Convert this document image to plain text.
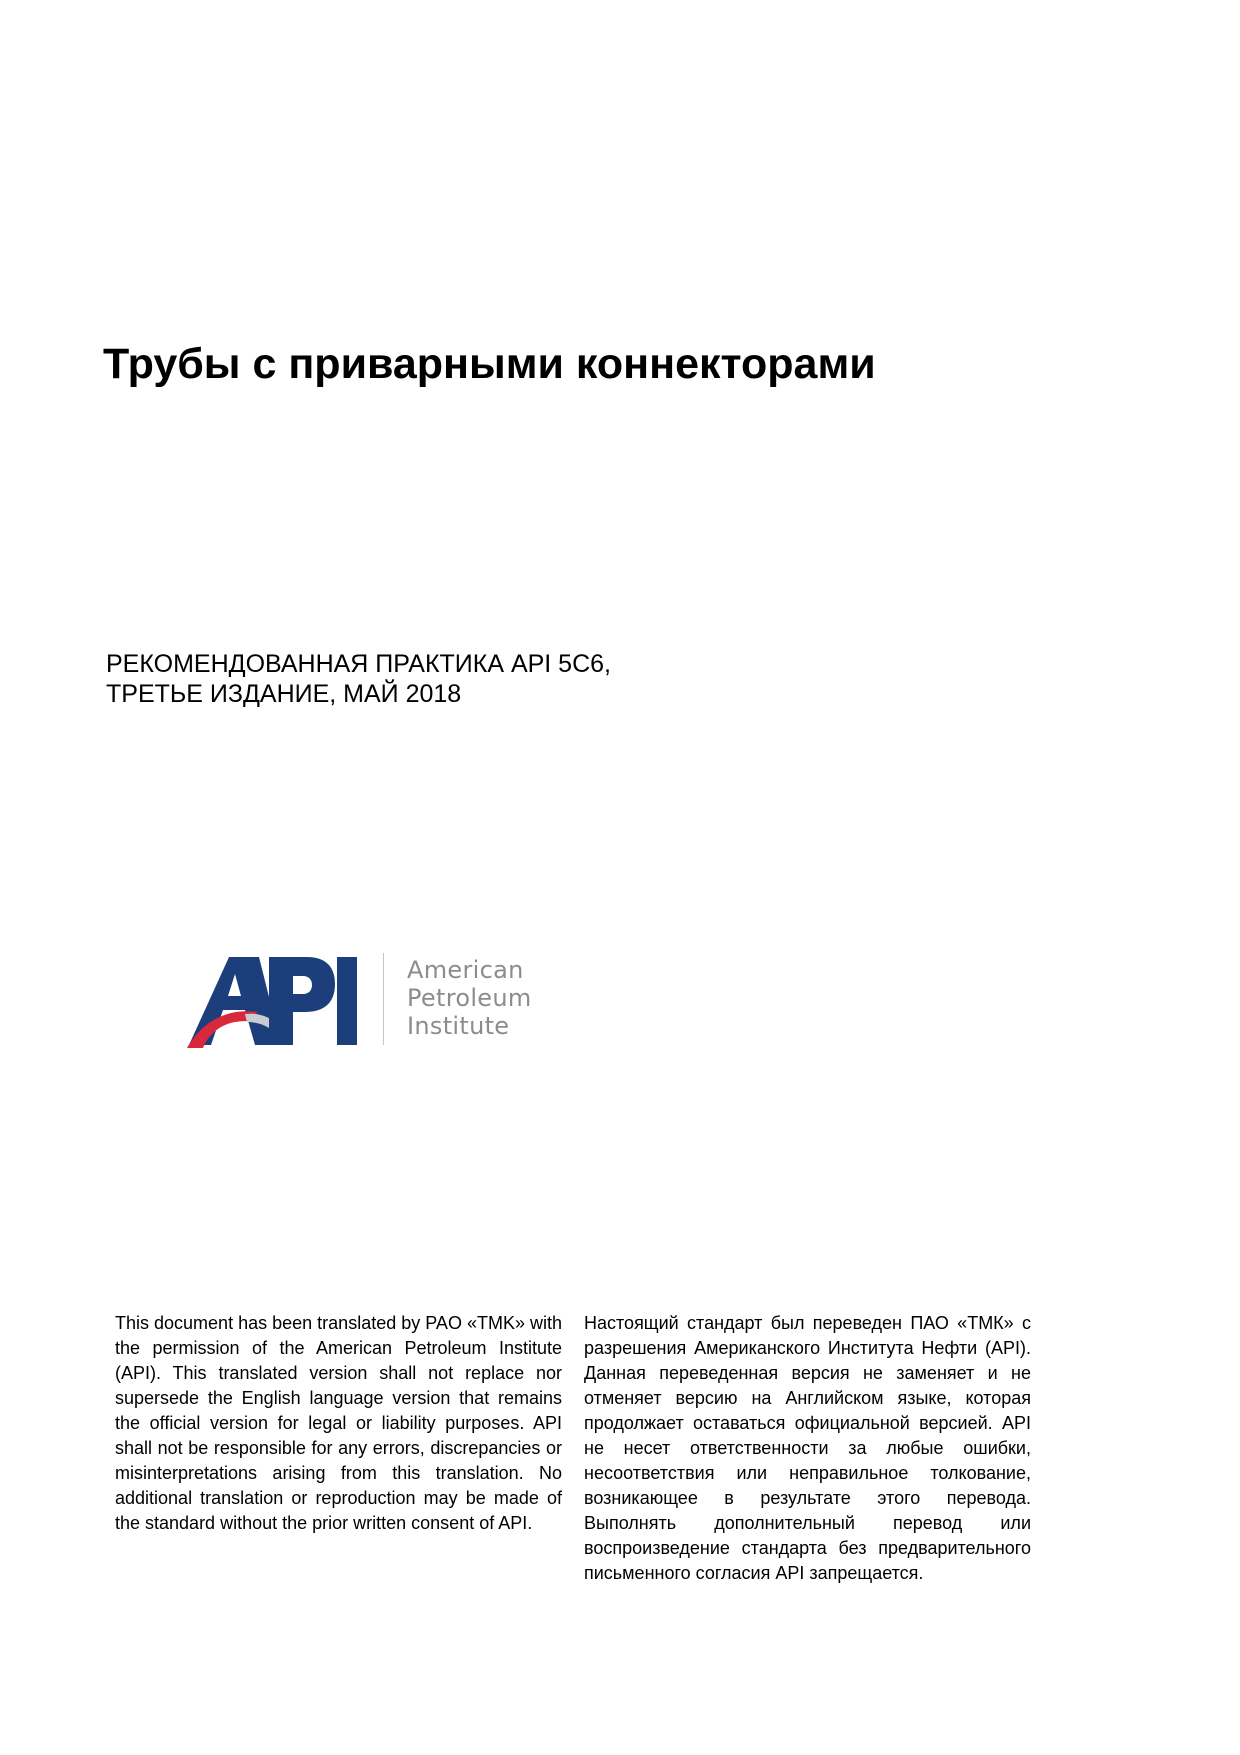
Трубы с приварными коннекторами
РЕКОМЕНДОВАННАЯ ПРАКТИКА API 5C6,
ТРЕТЬЕ ИЗДАНИЕ, МАЙ 2018
American
Petroleum
Institute

This document has been translated by PAO «TMK» with the permission of the American Petroleum Institute (API). This translated version shall not replace nor supersede the English language version that remains the official version for legal or liability purposes. API shall not be responsible for any errors, discrepancies or misinterpretations arising from this translation. No additional translation or reproduction may be made of the standard without the prior written consent of API.

Настоящий стандарт был переведен ПАО «ТМК» с разрешения Американского Института Нефти (API). Данная переведенная версия не заменяет и не отменяет версию на Английском языке, которая продолжает оставаться официальной версией. API не несет ответственности за любые ошибки, несоответствия или неправильное толкование, возникающее в результате этого перевода. Выполнять дополнительный перевод или воспроизведение стандарта без предварительного письменного согласия API запрещается.
